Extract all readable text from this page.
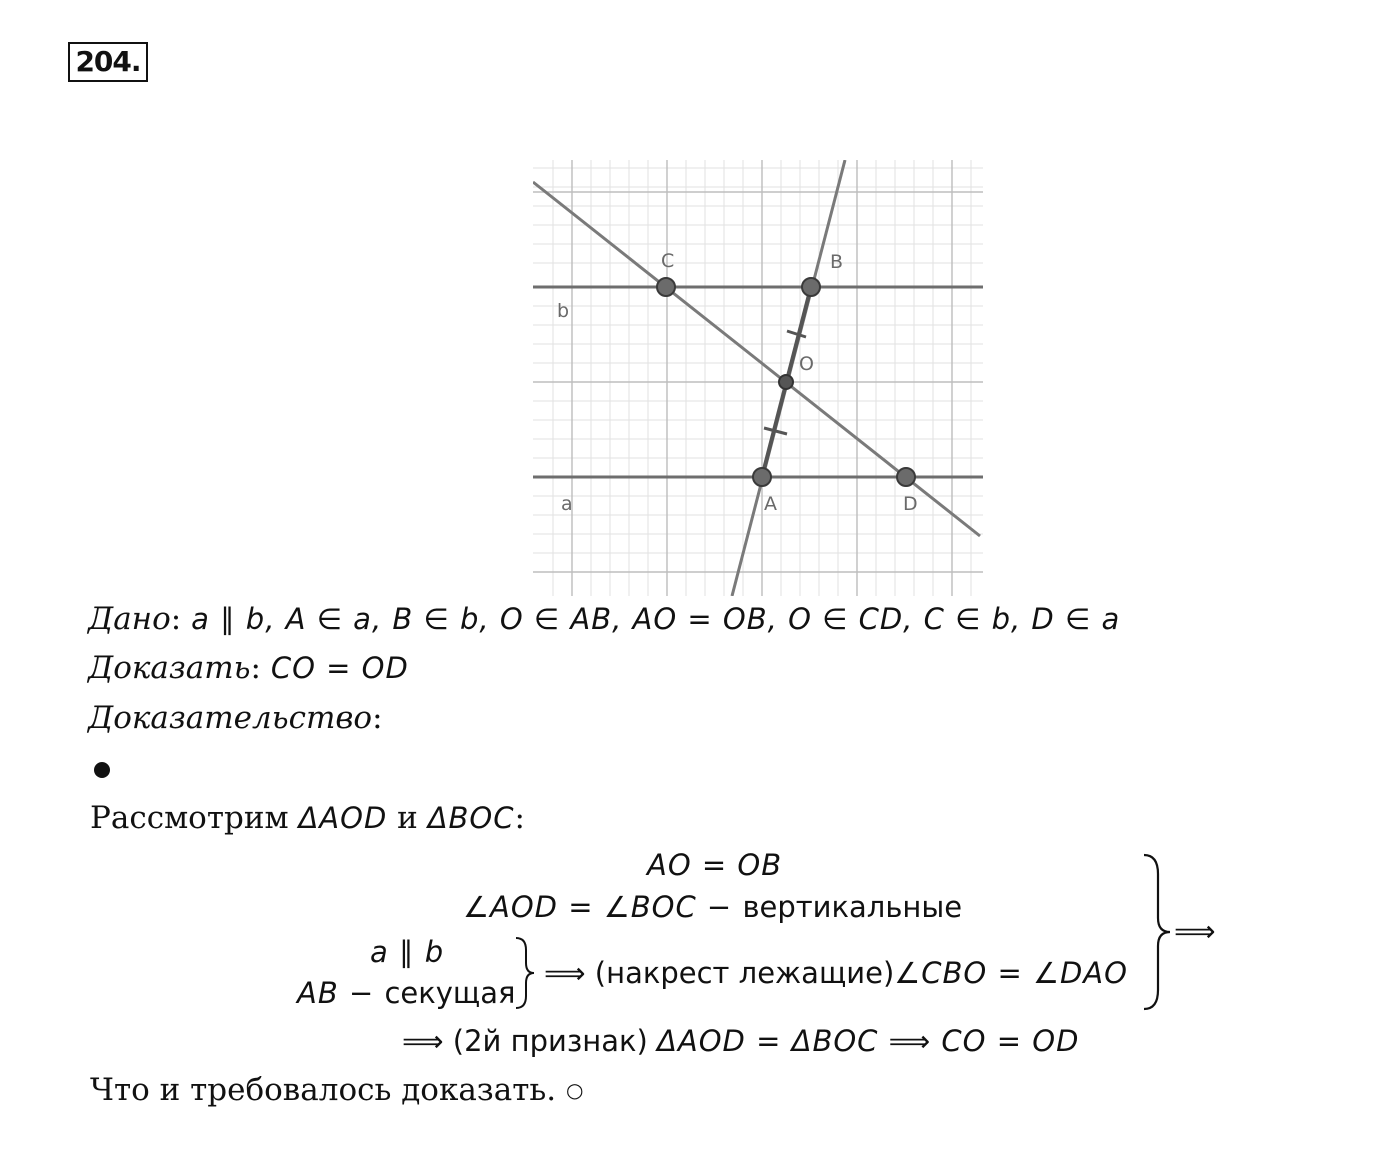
204.
C	B
b
O
a	A	D
Дано: a ∥ b, A ∈ a, B ∈ b, O ∈ AB, AO = OB, O ∈ CD, C ∈ b, D ∈ a
Доказать: CO = OD
Доказательство:
Рассмотрим ΔAOD и ΔBOC:
AO = OB
∠AOD = ∠BOC − вертикальные
a ∥ b
AB − секущая
⟹ (накрест лежащие)∠CBO = ∠DAO
⟹
⟹ (2й признак) ΔAOD = ΔBOC ⟹ CO = OD
Что и требовалось доказать. ○
